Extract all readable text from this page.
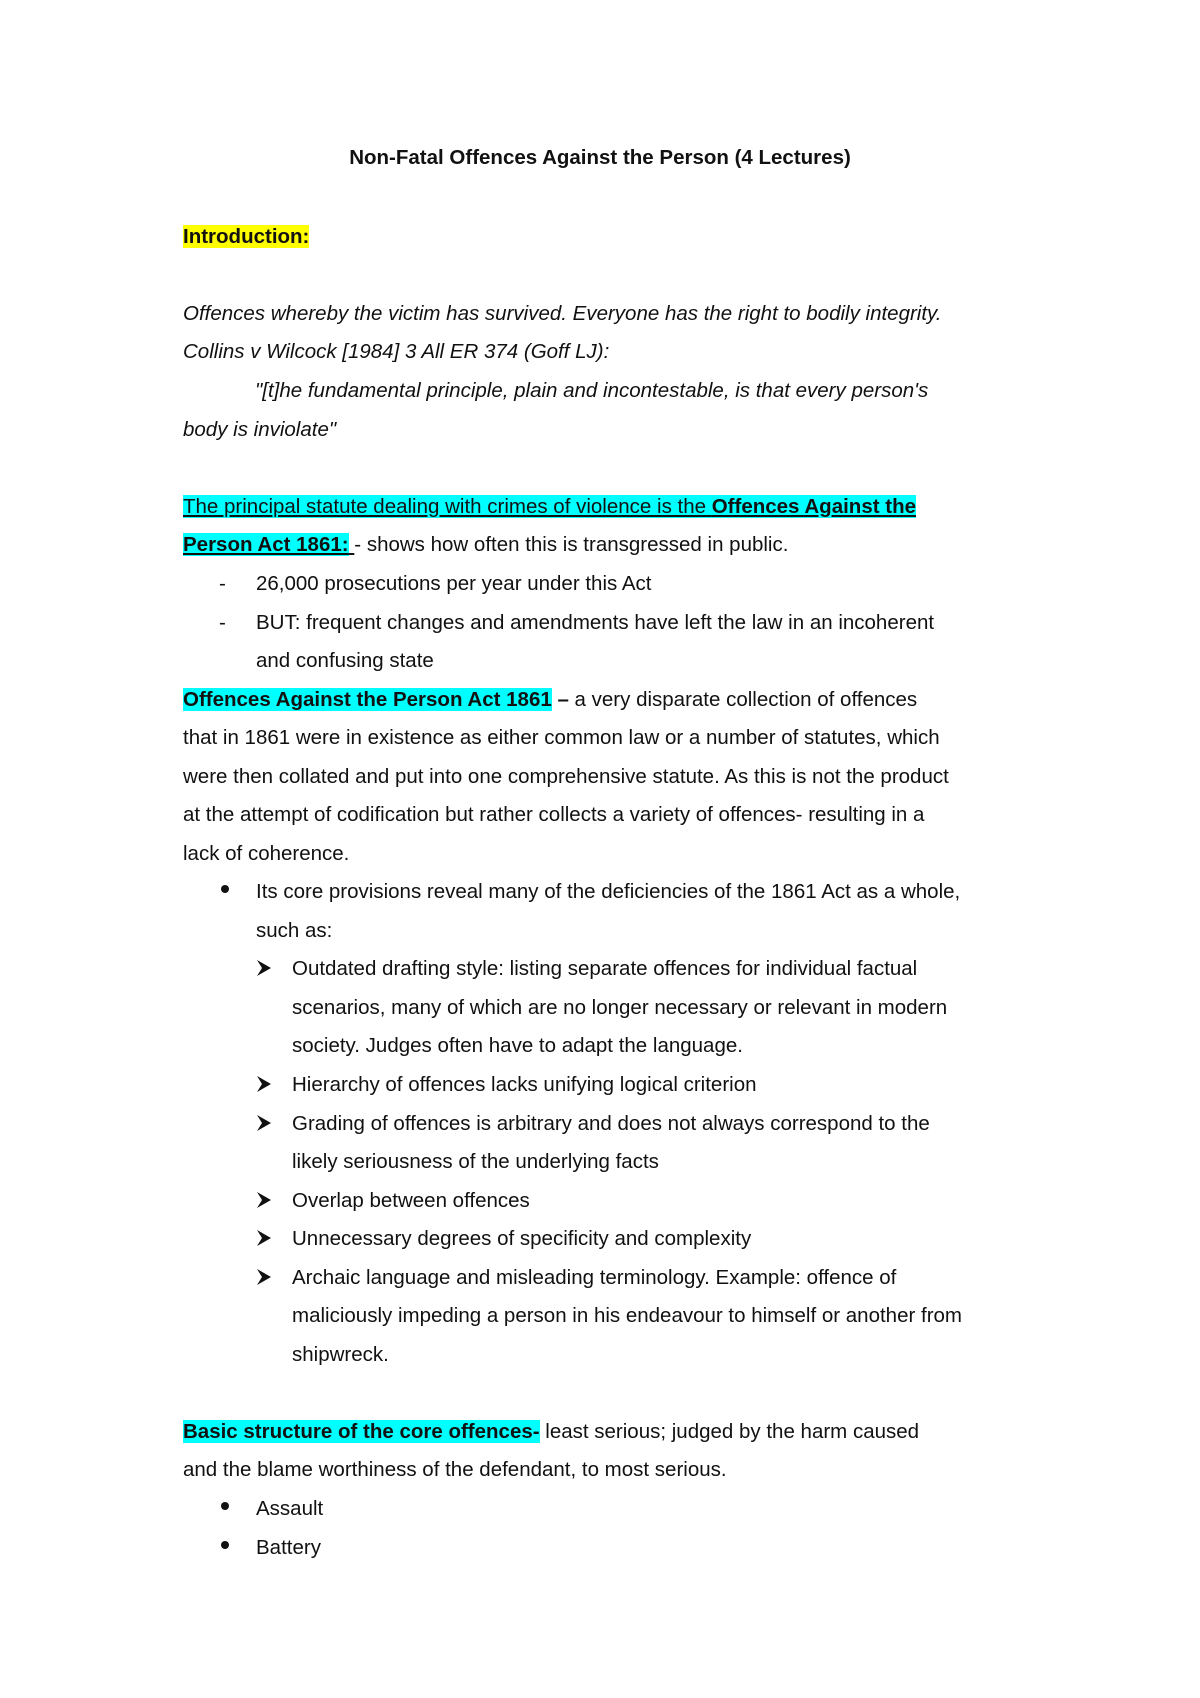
Non-Fatal Offences Against the Person (4 Lectures)
Introduction:
Offences whereby the victim has survived. Everyone has the right to bodily integrity.
Collins v Wilcock [1984] 3 All ER 374 (Goff LJ):
"[t]he fundamental principle, plain and incontestable, is that every person's
body is inviolate"
The principal statute dealing with crimes of violence is the Offences Against the
Person Act 1861: - shows how often this is transgressed in public.
- 26,000 prosecutions per year under this Act
- BUT: frequent changes and amendments have left the law in an incoherent
and confusing state
Offences Against the Person Act 1861 – a very disparate collection of offences
that in 1861 were in existence as either common law or a number of statutes, which
were then collated and put into one comprehensive statute. As this is not the product
at the attempt of codification but rather collects a variety of offences- resulting in a
lack of coherence.
Its core provisions reveal many of the deficiencies of the 1861 Act as a whole,
such as:
Outdated drafting style: listing separate offences for individual factual
scenarios, many of which are no longer necessary or relevant in modern
society. Judges often have to adapt the language.
Hierarchy of offences lacks unifying logical criterion
Grading of offences is arbitrary and does not always correspond to the
likely seriousness of the underlying facts
Overlap between offences
Unnecessary degrees of specificity and complexity
Archaic language and misleading terminology. Example: offence of
maliciously impeding a person in his endeavour to himself or another from
shipwreck.
Basic structure of the core offences- least serious; judged by the harm caused
and the blame worthiness of the defendant, to most serious.
Assault
Battery
